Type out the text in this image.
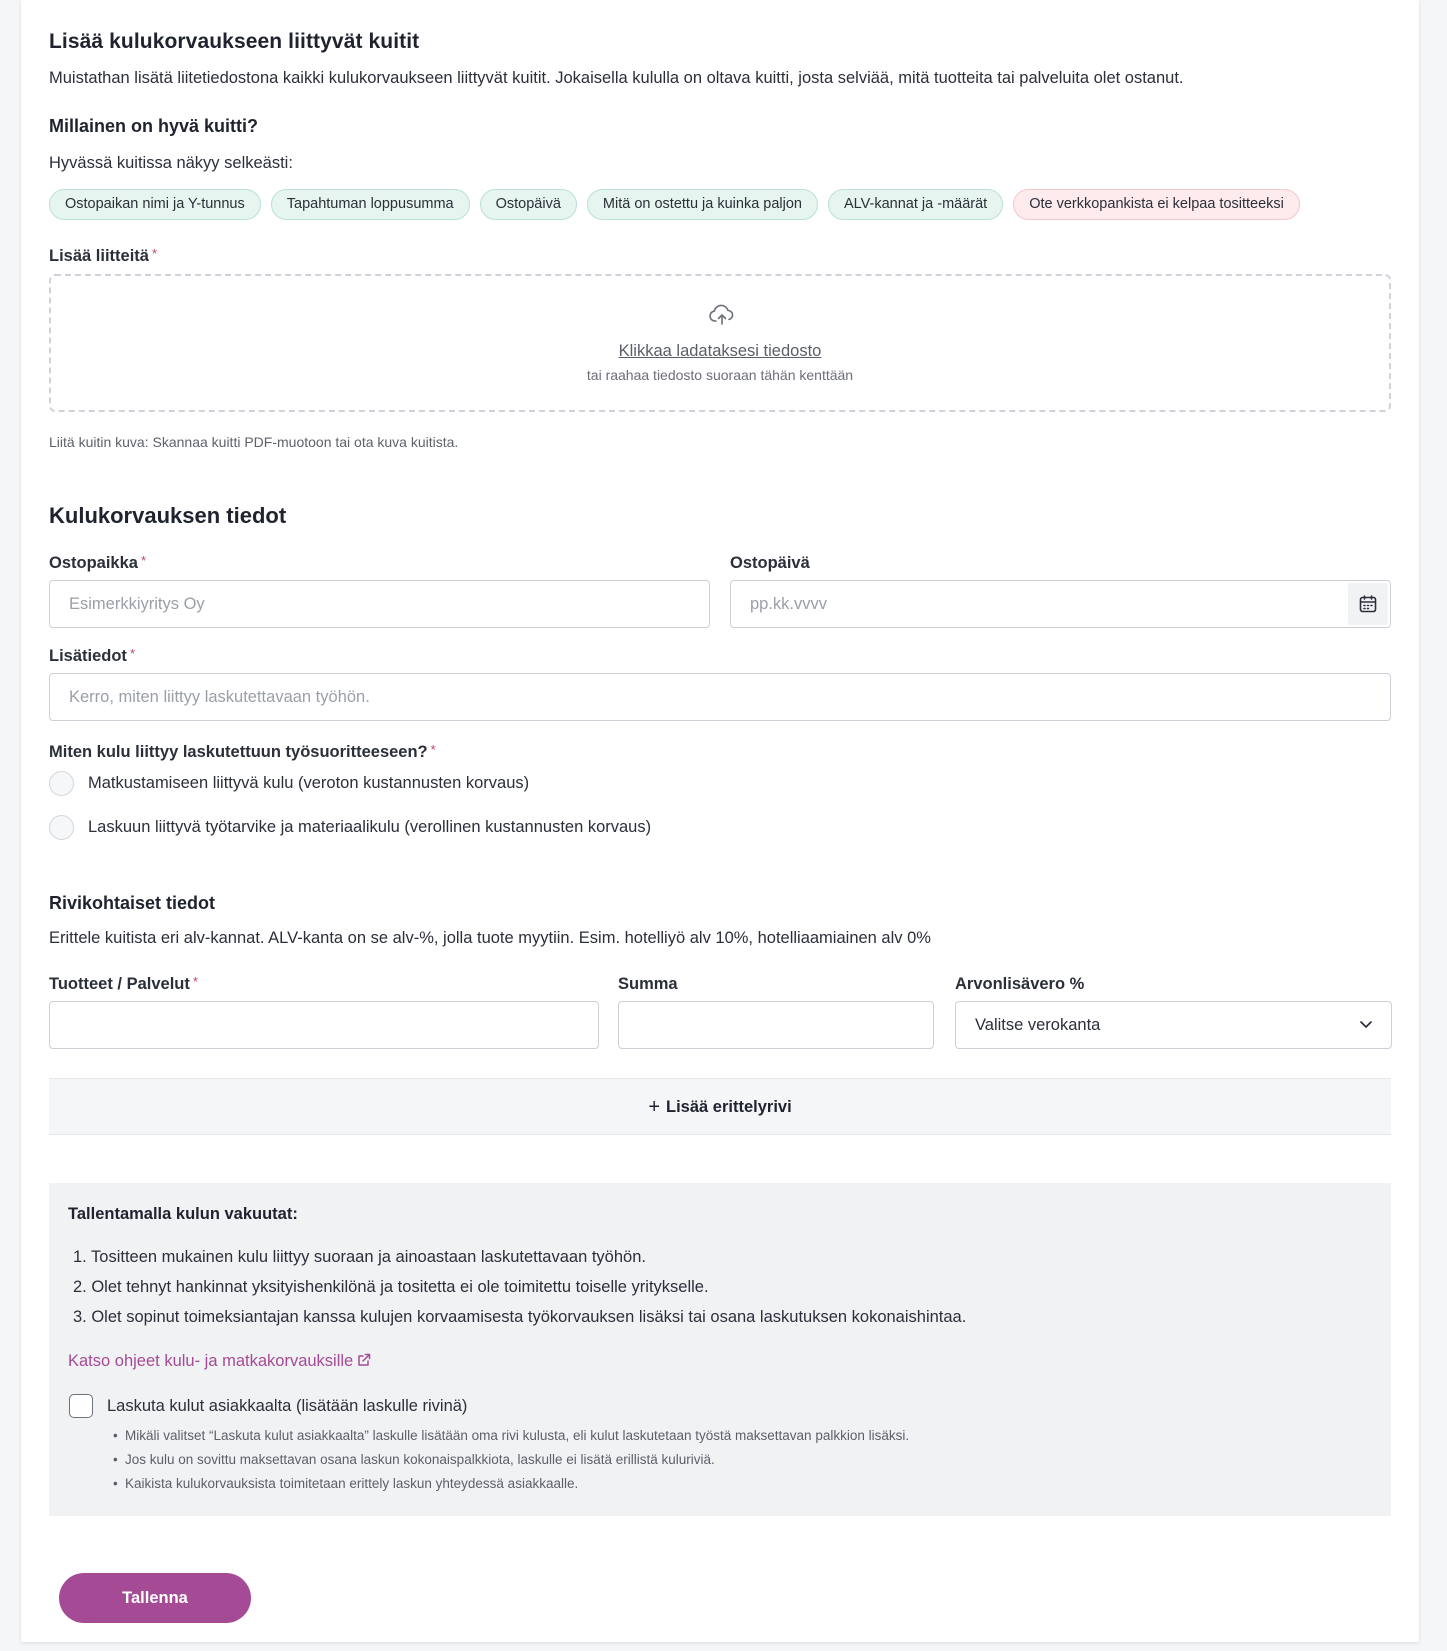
Lisää kulukorvaukseen liittyvät kuitit
Muistathan lisätä liitetiedostona kaikki kulukorvaukseen liittyvät kuitit. Jokaisella kululla on oltava kuitti, josta selviää, mitä tuotteita tai palveluita olet ostanut.
Millainen on hyvä kuitti?
Hyvässä kuitissa näkyy selkeästi:
Ostopaikan nimi ja Y-tunnus	Tapahtuman loppusumma	Ostopäivä	Mitä on ostettu ja kuinka paljon	ALV-kannat ja -määrät	Ote verkkopankista ei kelpaa tositteeksi
Lisää liitteitä *
Klikkaa ladataksesi tiedosto
tai raahaa tiedosto suoraan tähän kenttään
Liitä kuitin kuva: Skannaa kuitti PDF-muotoon tai ota kuva kuitista.
Kulukorvauksen tiedot
Ostopaikka *
Esimerkkiyritys Oy
Ostopäivä
pp.kk.vvvv
Lisätiedot *
Kerro, miten liittyy laskutettavaan työhön.
Miten kulu liittyy laskutettuun työsuoritteeseen? *
Matkustamiseen liittyvä kulu (veroton kustannusten korvaus)
Laskuun liittyvä työtarvike ja materiaalikulu (verollinen kustannusten korvaus)
Rivikohtaiset tiedot
Erittele kuitista eri alv-kannat. ALV-kanta on se alv-%, jolla tuote myytiin. Esim. hotelliyö alv 10%, hotelliaamiainen alv 0%
Tuotteet / Palvelut *	Summa	Arvonlisävero %
Valitse verokanta
+ Lisää erittelyrivi
Tallentamalla kulun vakuutat:
1. Tositteen mukainen kulu liittyy suoraan ja ainoastaan laskutettavaan työhön.
2. Olet tehnyt hankinnat yksityishenkilönä ja tositetta ei ole toimitettu toiselle yritykselle.
3. Olet sopinut toimeksiantajan kanssa kulujen korvaamisesta työkorvauksen lisäksi tai osana laskutuksen kokonaishintaa.
Katso ohjeet kulu- ja matkakorvauksille
Laskuta kulut asiakkaalta (lisätään laskulle rivinä)
• Mikäli valitset “Laskuta kulut asiakkaalta” laskulle lisätään oma rivi kulusta, eli kulut laskutetaan työstä maksettavan palkkion lisäksi.
• Jos kulu on sovittu maksettavan osana laskun kokonaispalkkiota, laskulle ei lisätä erillistä kuluriviä.
• Kaikista kulukorvauksista toimitetaan erittely laskun yhteydessä asiakkaalle.
Tallenna
